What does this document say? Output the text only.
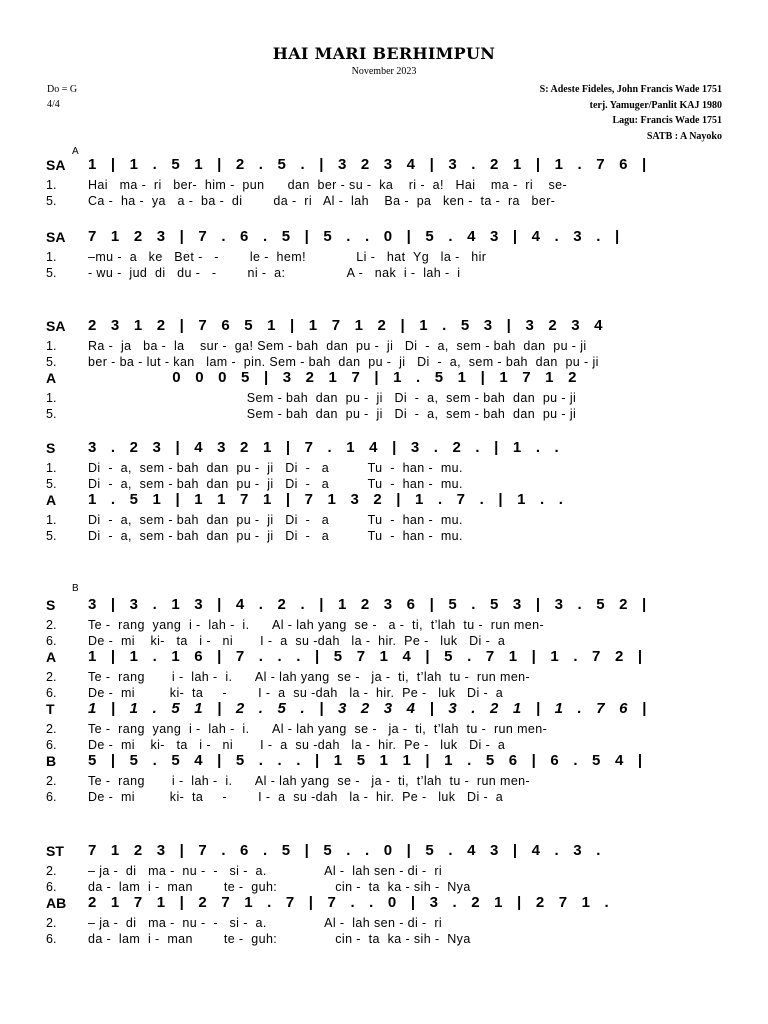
HAI MARI BERHIMPUN
November 2023
Do = G
4/4
S: Adeste Fideles, John Francis Wade 1751
terj. Yamuger/Panlit KAJ 1980
Lagu: Francis Wade 1751
SATB : A Nayoko
A
B
SA	1 | 1 . 5 1 | 2 . 5 . | 3 2 3 4 | 3 . 2 1 | 1 . 7 6 |
1.	Hai   ma -  ri   ber-  him -  pun      dan  ber - su -  ka    ri -  a!   Hai    ma -  ri    se-
5.	Ca -  ha -  ya   a -  ba -  di        da -  ri   Al -  lah    Ba -  pa   ken -  ta -  ra   ber-
SA	7 1 2 3 | 7 . 6 . 5 | 5 . . 0 | 5 . 4 3 | 4 . 3 . |
1.	–mu -  a   ke   Bet -   -        le -  hem!             Li -   hat  Yg   la -   hir
5.	- wu -  jud  di   du -   -        ni -  a:                A -   nak  i -  lah -  i
SA	2 3 1 2 | 7 6 5 1 | 1 7 1 2 | 1 . 5 3 | 3 2 3 4
1.	Ra -  ja   ba -  la    sur -  ga! Sem - bah  dan  pu -  ji   Di  -  a,  sem - bah  dan  pu - ji
5.	ber - ba - lut - kan   lam -  pin. Sem - bah  dan  pu -  ji   Di  -  a,  sem - bah  dan  pu - ji
A	0 0 0 5 | 3 2 1 7 | 1 . 5 1 | 1 7 1 2
1.	Sem - bah  dan  pu -  ji   Di  -  a,  sem - bah  dan  pu - ji
5.	Sem - bah  dan  pu -  ji   Di  -  a,  sem - bah  dan  pu - ji
S	3 . 2 3 | 4 3 2 1 | 7 . 1 4 | 3 . 2 . | 1 . .
1.	Di  -  a,  sem - bah  dan  pu -  ji   Di  -   a          Tu  -  han -  mu.
5.	Di  -  a,  sem - bah  dan  pu -  ji   Di  -   a          Tu  -  han -  mu.
A	1 . 5 1 | 1 1 7 1 | 7 1 3 2 | 1 . 7 . | 1 . .
1.	Di  -  a,  sem - bah  dan  pu -  ji   Di  -   a          Tu  -  han -  mu.
5.	Di  -  a,  sem - bah  dan  pu -  ji   Di  -   a          Tu  -  han -  mu.
S	3 | 3 . 1 3 | 4 . 2 . | 1 2 3 6 | 5 . 5 3 | 3 . 5 2 |
2.	Te -  rang  yang  i -  lah -  i.      Al - lah yang  se -   a -  ti,  t’lah  tu -  run men-
6.	De -  mi    ki-   ta   i -   ni       I -  a  su -dah   la -  hir.  Pe -   luk   Di -  a
A	1 | 1 . 1 6 | 7 . . . | 5 7 1 4 | 5 . 7 1 | 1 . 7 2 |
2.	Te -  rang       i -  lah -  i.      Al - lah yang  se -   ja -  ti,  t’lah  tu -  run men-
6.	De -  mi         ki-  ta     -        I -  a  su -dah   la -  hir.  Pe -   luk   Di -  a
T	1 | 1 . 5 1 | 2 . 5 . | 3 2 3 4 | 3 . 2 1 | 1 . 7 6 |
2.	Te -  rang  yang  i -  lah -  i.      Al - lah yang  se -   ja -  ti,  t’lah  tu -  run men-
6.	De -  mi    ki-   ta   i -   ni       I -  a  su -dah   la -  hir.  Pe -   luk   Di -  a
B	5 | 5 . 5 4 | 5 . . . | 1 5 1 1 | 1 . 5 6 | 6 . 5 4 |
2.	Te -  rang       i -  lah -  i.      Al - lah yang  se -   ja -  ti,  t’lah  tu -  run men-
6.	De -  mi         ki-  ta     -        I -  a  su -dah   la -  hir.  Pe -   luk   Di -  a
ST	7 1 2 3 | 7 . 6 . 5 | 5 . . 0 | 5 . 4 3 | 4 . 3 .
2.	– ja -  di   ma -  nu -  -   si -  a.               Al -  lah sen - di -  ri
6.	da -  lam  i -  man        te -  guh:               cin -  ta  ka - sih -  Nya
AB	2 1 7 1 | 2 7 1 . 7 | 7 . . 0 | 3 . 2 1 | 2 7 1 .
2.	– ja -  di   ma -  nu -  -   si -  a.               Al -  lah sen - di -  ri
6.	da -  lam  i -  man        te -  guh:               cin -  ta  ka - sih -  Nya
